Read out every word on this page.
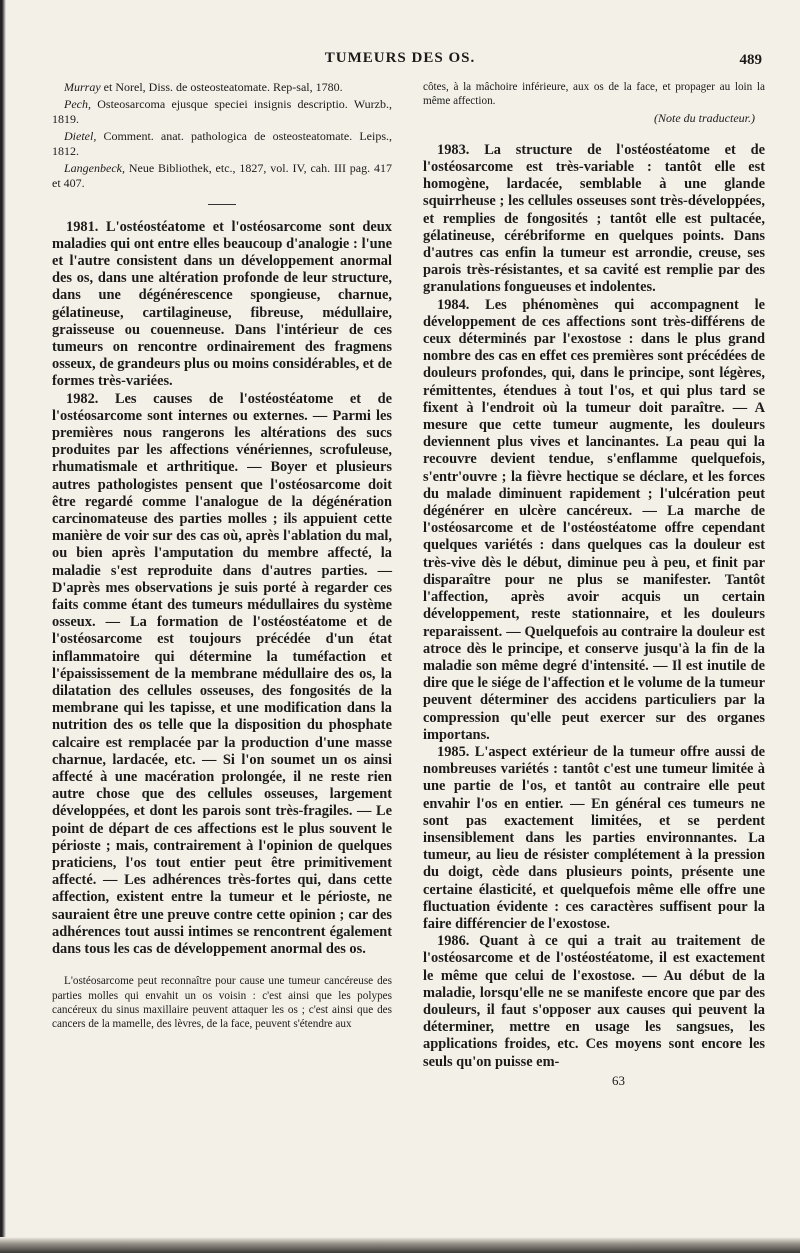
TUMEURS DES OS.	489

Murray et Norel, Diss. de osteosteatomate. Rep-sal, 1780.

Pech, Osteosarcoma ejusque speciei insignis descriptio. Wurzb., 1819.

Dietel, Comment. anat. pathologica de osteosteatomate. Leips., 1812.

Langenbeck, Neue Bibliothek, etc., 1827, vol. IV, cah. III pag. 417 et 407.

1981. L'ostéostéatome et l'ostéosarcome sont deux maladies qui ont entre elles beaucoup d'analogie : l'une et l'autre consistent dans un développement anormal des os, dans une altération profonde de leur structure, dans une dégénérescence spongieuse, charnue, gélatineuse, cartilagineuse, fibreuse, médullaire, graisseuse ou couenneuse. Dans l'intérieur de ces tumeurs on rencontre ordinairement des fragmens osseux, de grandeurs plus ou moins considérables, et de formes très-variées.

1982. Les causes de l'ostéostéatome et de l'ostéosarcome sont internes ou externes. — Parmi les premières nous rangerons les altérations des sucs produites par les affections vénériennes, scrofuleuse, rhumatismale et arthritique. — Boyer et plusieurs autres pathologistes pensent que l'ostéosarcome doit être regardé comme l'analogue de la dégénération carcinomateuse des parties molles ; ils appuient cette manière de voir sur des cas où, après l'ablation du mal, ou bien après l'amputation du membre affecté, la maladie s'est reproduite dans d'autres parties. — D'après mes observations je suis porté à regarder ces faits comme étant des tumeurs médullaires du système osseux. — La formation de l'ostéostéatome et de l'ostéosarcome est toujours précédée d'un état inflammatoire qui détermine la tuméfaction et l'épaississement de la membrane médullaire des os, la dilatation des cellules osseuses, des fongosités de la membrane qui les tapisse, et une modification dans la nutrition des os telle que la disposition du phosphate calcaire est remplacée par la production d'une masse charnue, lardacée, etc. — Si l'on soumet un os ainsi affecté à une macération prolongée, il ne reste rien autre chose que des cellules osseuses, largement développées, et dont les parois sont très-fragiles. — Le point de départ de ces affections est le plus souvent le périoste ; mais, contrairement à l'opinion de quelques praticiens, l'os tout entier peut être primitivement affecté. — Les adhérences très-fortes qui, dans cette affection, existent entre la tumeur et le périoste, ne sauraient être une preuve contre cette opinion ; car des adhérences tout aussi intimes se rencontrent également dans tous les cas de développement anormal des os.

L'ostéosarcome peut reconnaître pour cause une tumeur cancéreuse des parties molles qui envahit un os voisin : c'est ainsi que les polypes cancéreux du sinus maxillaire peuvent attaquer les os ; c'est ainsi que des cancers de la mamelle, des lèvres, de la face, peuvent s'étendre aux

côtes, à la mâchoire inférieure, aux os de la face, et propager au loin la même affection.

(Note du traducteur.)

1983. La structure de l'ostéostéatome et de l'ostéosarcome est très-variable : tantôt elle est homogène, lardacée, semblable à une glande squirrheuse ; les cellules osseuses sont très-développées, et remplies de fongosités ; tantôt elle est pultacée, gélatineuse, cérébriforme en quelques points. Dans d'autres cas enfin la tumeur est arrondie, creuse, ses parois très-résistantes, et sa cavité est remplie par des granulations fongueuses et indolentes.

1984. Les phénomènes qui accompagnent le développement de ces affections sont très-différens de ceux déterminés par l'exostose : dans le plus grand nombre des cas en effet ces premières sont précédées de douleurs profondes, qui, dans le principe, sont légères, rémittentes, étendues à tout l'os, et qui plus tard se fixent à l'endroit où la tumeur doit paraître. — A mesure que cette tumeur augmente, les douleurs deviennent plus vives et lancinantes. La peau qui la recouvre devient tendue, s'enflamme quelquefois, s'entr'ouvre ; la fièvre hectique se déclare, et les forces du malade diminuent rapidement ; l'ulcération peut dégénérer en ulcère cancéreux. — La marche de l'ostéosarcome et de l'ostéostéatome offre cependant quelques variétés : dans quelques cas la douleur est très-vive dès le début, diminue peu à peu, et finit par disparaître pour ne plus se manifester. Tantôt l'affection, après avoir acquis un certain développement, reste stationnaire, et les douleurs reparaissent. — Quelquefois au contraire la douleur est atroce dès le principe, et conserve jusqu'à la fin de la maladie son même degré d'intensité. — Il est inutile de dire que le siége de l'affection et le volume de la tumeur peuvent déterminer des accidens particuliers par la compression qu'elle peut exercer sur des organes importans.

1985. L'aspect extérieur de la tumeur offre aussi de nombreuses variétés : tantôt c'est une tumeur limitée à une partie de l'os, et tantôt au contraire elle peut envahir l'os en entier. — En général ces tumeurs ne sont pas exactement limitées, et se perdent insensiblement dans les parties environnantes. La tumeur, au lieu de résister complétement à la pression du doigt, cède dans plusieurs points, présente une certaine élasticité, et quelquefois même elle offre une fluctuation évidente : ces caractères suffisent pour la faire différencier de l'exostose.

1986. Quant à ce qui a trait au traitement de l'ostéosarcome et de l'ostéostéatome, il est exactement le même que celui de l'exostose. — Au début de la maladie, lorsqu'elle ne se manifeste encore que par des douleurs, il faut s'opposer aux causes qui peuvent la déterminer, mettre en usage les sangsues, les applications froides, etc. Ces moyens sont encore les seuls qu'on puisse em-

63
